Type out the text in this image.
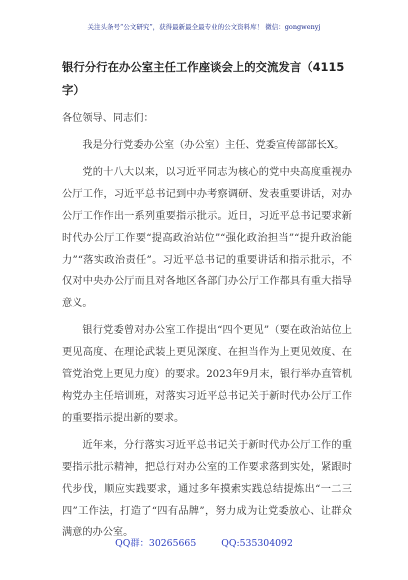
关注头条号“公文研究”，获得最新最全最专业的公文资料库！ 微信：gongwenyj
银行分行在办公室主任工作座谈会上的交流发言（4115字）

各位领导、同志们：

我是分行党委办公室（办公室）主任、党委宣传部部长X。

党的十八大以来，以习近平同志为核心的党中央高度重视办公厅工作，习近平总书记到中办考察调研、发表重要讲话，对办公厅工作作出一系列重要指示批示。近日，习近平总书记要求新时代办公厅工作要“提高政治站位”“强化政治担当”“提升政治能力”“落实政治责任”。习近平总书记的重要讲话和指示批示，不仅对中央办公厅而且对各地区各部门办公厅工作都具有重大指导意义。

银行党委曾对办公室工作提出“四个更见”（要在政治站位上更见高度、在理论武装上更见深度、在担当作为上更见效度、在管党治党上更见力度）的要求。2023年9月末，银行举办直管机构党办主任培训班，对落实习近平总书记关于新时代办公厅工作的重要指示提出新的要求。

近年来，分行落实习近平总书记关于新时代办公厅工作的重要指示批示精神，把总行对办公室的工作要求落到实处，紧跟时代步伐，顺应实践要求，通过多年摸索实践总结提炼出“一二三四”工作法，打造了“四有品牌”，努力成为让党委放心、让群众满意的办公室。

QQ群：30265665	QQ:535304092
